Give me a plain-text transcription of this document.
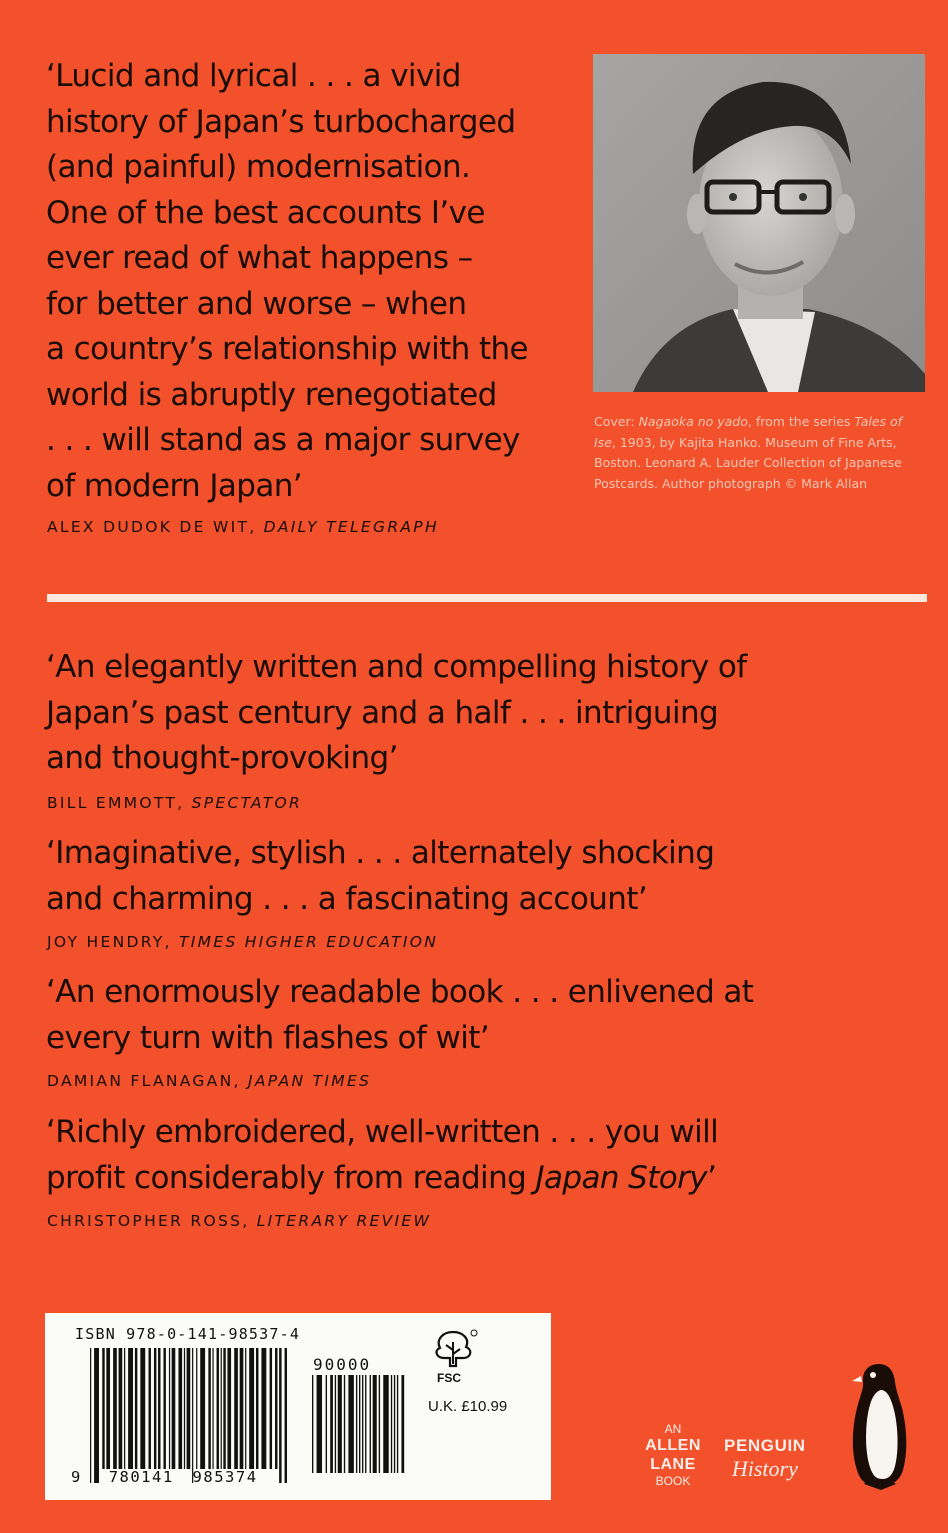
‘Lucid and lyrical . . . a vivid

history of Japan’s turbocharged

(and painful) modernisation.

One of the best accounts I’ve

ever read of what happens –

for better and worse – when

a country’s relationship with the

world is abruptly renegotiated

. . . will stand as a major survey

of modern Japan’

ALEX DUDOK DE WIT, DAILY TELEGRAPH
Cover: Nagaoka no yado, from the series Tales of Ise, 1903, by Kajita Hanko. Museum of Fine Arts, Boston. Leonard A. Lauder Collection of Japanese Postcards. Author photograph © Mark Allan

‘An elegantly written and compelling history of

Japan’s past century and a half . . . intriguing

and thought-provoking’

BILL EMMOTT, SPECTATOR

‘Imaginative, stylish . . . alternately shocking

and charming . . . a fascinating account’

JOY HENDRY, TIMES HIGHER EDUCATION

‘An enormously readable book . . . enlivened at

every turn with flashes of wit’

DAMIAN FLANAGAN, JAPAN TIMES

‘Richly embroidered, well-written . . . you will

profit considerably from reading Japan Story’

CHRISTOPHER ROSS, LITERARY REVIEW
ISBN 978-0-141-98537-4
90000
9 780141 985374
FSC
U.K. £10.99
AN
ALLEN
LANE
BOOK
PENGUIN
History
